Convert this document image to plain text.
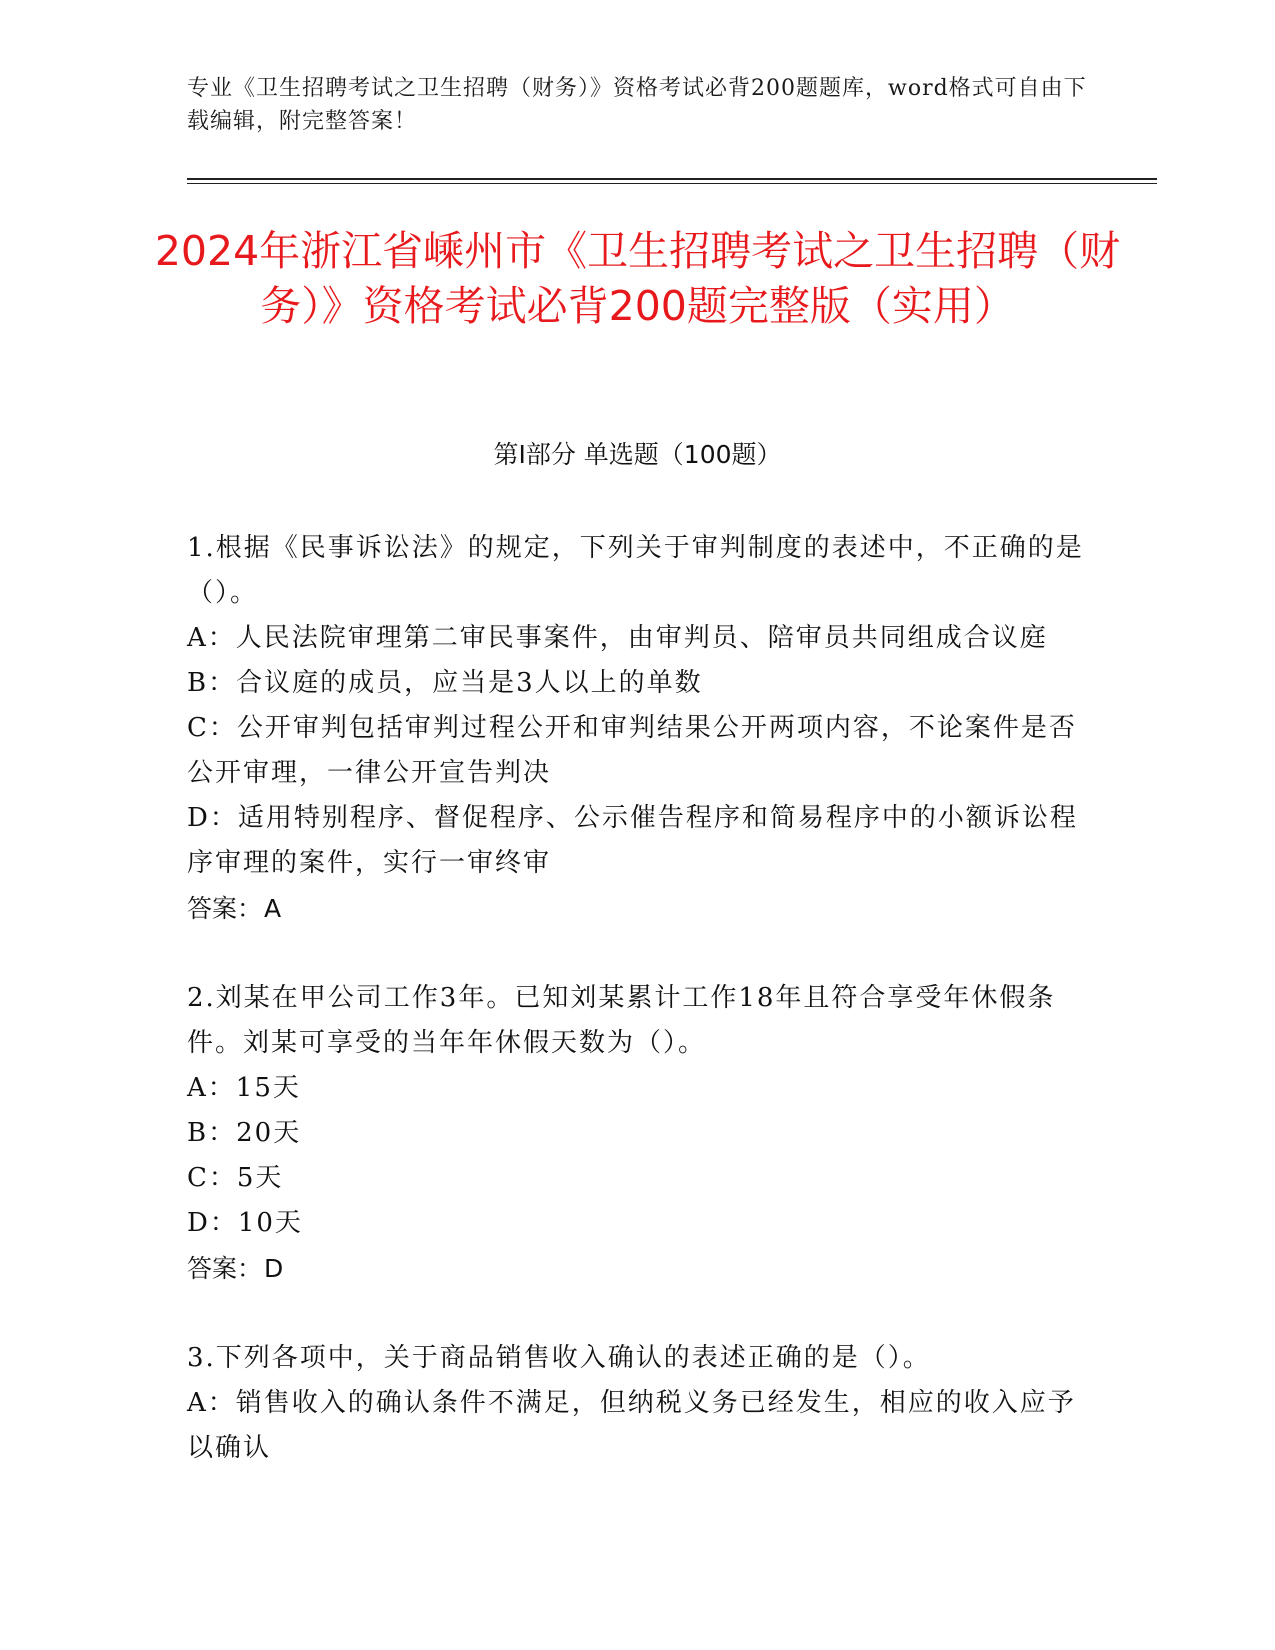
专业《卫生招聘考试之卫生招聘（财务）》资格考试必背200题题库，word格式可自由下载编辑，附完整答案！
2024年浙江省嵊州市《卫生招聘考试之卫生招聘（财务）》资格考试必背200题完整版（实用）
第I部分 单选题（100题）
1.根据《民事诉讼法》的规定，下列关于审判制度的表述中，不正确的是（）。
A：人民法院审理第二审民事案件，由审判员、陪审员共同组成合议庭
B：合议庭的成员，应当是3人以上的单数
C：公开审判包括审判过程公开和审判结果公开两项内容，不论案件是否公开审理，一律公开宣告判决
D：适用特别程序、督促程序、公示催告程序和简易程序中的小额诉讼程序审理的案件，实行一审终审
答案：A
2.刘某在甲公司工作3年。已知刘某累计工作18年且符合享受年休假条件。刘某可享受的当年年休假天数为（）。
A：15天
B：20天
C：5天
D：10天
答案：D
3.下列各项中，关于商品销售收入确认的表述正确的是（）。
A：销售收入的确认条件不满足，但纳税义务已经发生，相应的收入应予以确认
